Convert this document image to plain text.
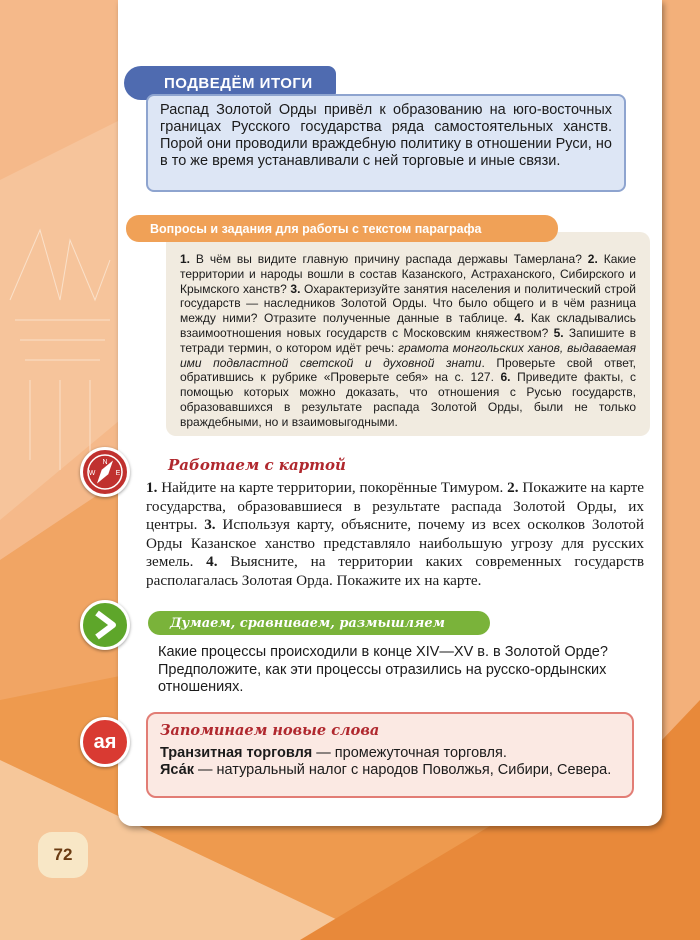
ПОДВЕДЁМ ИТОГИ
Распад Золотой Орды привёл к образованию на юго-восточных границах Русского государства ряда самостоятельных ханств. Порой они проводили враждебную политику в отношении Руси, но в то же время устанавливали с ней торговые и иные связи.
1. В чём вы видите главную причину распада державы Тамерлана? 2. Какие территории и народы вошли в состав Казанского, Астраханского, Сибирского и Крымского ханств? 3. Охарактеризуйте занятия населения и политический строй государств — наследников Золотой Орды. Что было общего и в чём разница между ними? Отразите полученные данные в таблице. 4. Как складывались взаимоотношения новых государств с Московским княжеством? 5. Запишите в тетради термин, о котором идёт речь: грамота монгольских ханов, выдаваемая ими подвластной светской и духовной знати. Проверьте свой ответ, обратившись к рубрике «Проверьте себя» на с. 127. 6. Приведите факты, с помощью которых можно доказать, что отношения с Русью государств, образовавшихся в результате распада Золотой Орды, были не только враждебными, но и взаимовыгодными.
Вопросы и задания для работы с текстом параграфа
N
W	E	Работаем с картой
1. Найдите на карте территории, покорённые Тимуром. 2. Покажите на карте государства, образовавшиеся в результате распада Золотой Орды, их центры. 3. Используя карту, объясните, почему из всех осколков Золотой Орды Казанское ханство представляло наибольшую угрозу для русских земель. 4. Выясните, на территории каких современных государств располагалась Золотая Орда. Покажите их на карте.
Думаем, сравниваем, размышляем
Какие процессы происходили в конце XIV—XV в. в Золотой Орде? Предположите, как эти процессы отразились на русско-ордынских отношениях.
ая	Запоминаем новые слова
Транзитная торговля — промежуточная торговля.
Яса́к — натуральный налог с народов Поволжья, Сибири, Севера.
72
